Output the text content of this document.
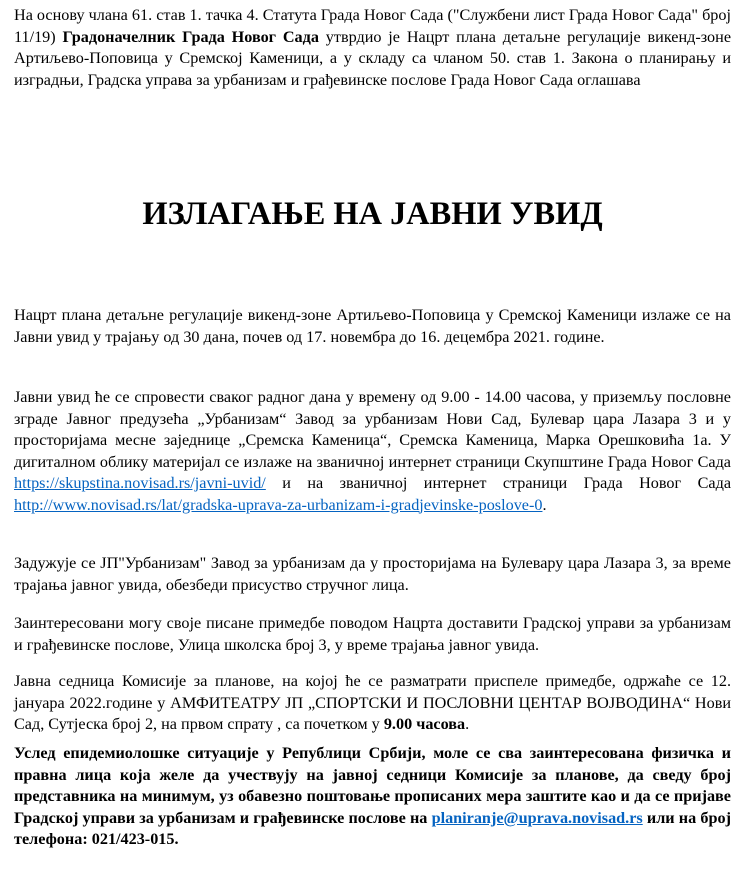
На основу члана 61. став 1. тачка 4. Статута Града Новог Сада ("Службени лист Града Новог Сада" број 11/19) Градоначелник Града Новог Сада утврдио је Нацрт плана детаљне регулације викенд-зоне Артиљево-Поповица у Сремској Каменици, а у складу са чланом 50. став 1. Закона о планирању и изградњи, Градска управа за урбанизам и грађевинске послове Града Новог Сада оглашава

ИЗЛАГАЊЕ НА ЈАВНИ УВИД

Нацрт плана детаљне регулације викенд-зоне Артиљево-Поповица у Сремској Каменици излаже се на Јавни увид у трајању од 30 дана, почев од 17. новембра до 16. децембра 2021. године.

Јавни увид ће се спровести сваког радног дана у времену од 9.00 - 14.00 часова, у приземљу пословне зграде Јавног предузећа „Урбанизам“ Завод за урбанизам Нови Сад, Булевар цара Лазара 3 и у просторијама месне заједнице „Сремска Каменица“, Сремска Каменица, Марка Орешковића 1а. У дигиталном облику материјал се излаже на званичној интернет страници Скупштине Града Новог Сада https://skupstina.novisad.rs/javni-uvid/ и на званичној интернет страници Града Новог Сада http://www.novisad.rs/lat/gradska-uprava-za-urbanizam-i-gradjevinske-poslove-0.

Задужује се ЈП"Урбанизам" Завод за урбанизам да у просторијама на Булевару цара Лазара 3, за време трајања јавног увида, обезбеди присуство стручног лица.

Заинтересовани могу своје писане примедбе поводом Нацрта доставити Градској управи за урбанизам и грађевинске послове, Улица школска број 3, у време трајања јавног увида.

Јавна седница Комисије за планове, на којој ће се разматрати приспеле примедбе, одржаће се 12. јануара 2022.године у АМФИТЕАТРУ ЈП „СПОРТСКИ И ПОСЛОВНИ ЦЕНТАР ВОЈВОДИНА“ Нови Сад, Сутјеска број 2, на првом спрату , са почетком у 9.00 часова.

Услед епидемиолошке ситуације у Републици Србији, моле се сва заинтересована физичка и правна лица која желе да учествују на јавној седници Комисије за планове, да сведу број представника на минимум, уз обавезно поштовање прописаних мера заштите као и да се пријаве Градској управи за урбанизам и грађевинске послове на planiranje@uprava.novisad.rs или на број телефона: 021/423-015.
